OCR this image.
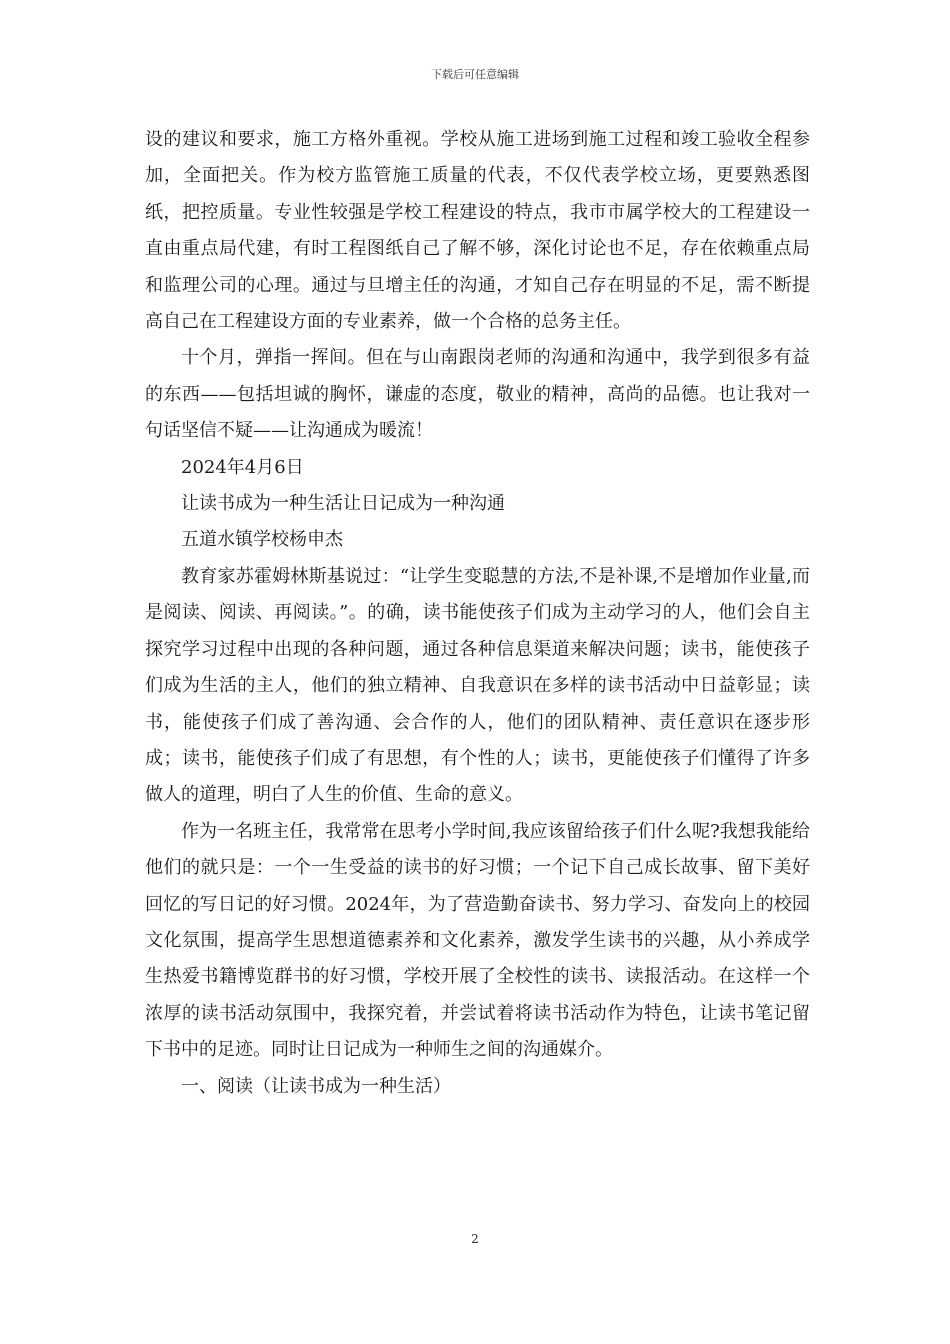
下载后可任意编辑

设的建议和要求，施工方格外重视。学校从施工进场到施工过程和竣工验收全程参加，全面把关。作为校方监管施工质量的代表，不仅代表学校立场，更要熟悉图纸，把控质量。专业性较强是学校工程建设的特点，我市市属学校大的工程建设一直由重点局代建，有时工程图纸自己了解不够，深化讨论也不足，存在依赖重点局和监理公司的心理。通过与旦增主任的沟通，才知自己存在明显的不足，需不断提高自己在工程建设方面的专业素养，做一个合格的总务主任。

十个月，弹指一挥间。但在与山南跟岗老师的沟通和沟通中，我学到很多有益的东西——包括坦诚的胸怀，谦虚的态度，敬业的精神，高尚的品德。也让我对一句话坚信不疑——让沟通成为暖流！

2024年4月6日

让读书成为一种生活让日记成为一种沟通

五道水镇学校杨申杰

教育家苏霍姆林斯基说过：“让学生变聪慧的方法,不是补课,不是增加作业量,而是阅读、阅读、再阅读。”。的确，读书能使孩子们成为主动学习的人，他们会自主探究学习过程中出现的各种问题，通过各种信息渠道来解决问题；读书，能使孩子们成为生活的主人，他们的独立精神、自我意识在多样的读书活动中日益彰显；读书，能使孩子们成了善沟通、会合作的人，他们的团队精神、责任意识在逐步形成；读书，能使孩子们成了有思想，有个性的人；读书，更能使孩子们懂得了许多做人的道理，明白了人生的价值、生命的意义。

作为一名班主任，我常常在思考小学时间,我应该留给孩子们什么呢?我想我能给他们的就只是：一个一生受益的读书的好习惯；一个记下自己成长故事、留下美好回忆的写日记的好习惯。2024年，为了营造勤奋读书、努力学习、奋发向上的校园文化氛围，提高学生思想道德素养和文化素养，激发学生读书的兴趣，从小养成学生热爱书籍博览群书的好习惯，学校开展了全校性的读书、读报活动。在这样一个浓厚的读书活动氛围中，我探究着，并尝试着将读书活动作为特色，让读书笔记留下书中的足迹。同时让日记成为一种师生之间的沟通媒介。

一、阅读（让读书成为一种生活）

2
